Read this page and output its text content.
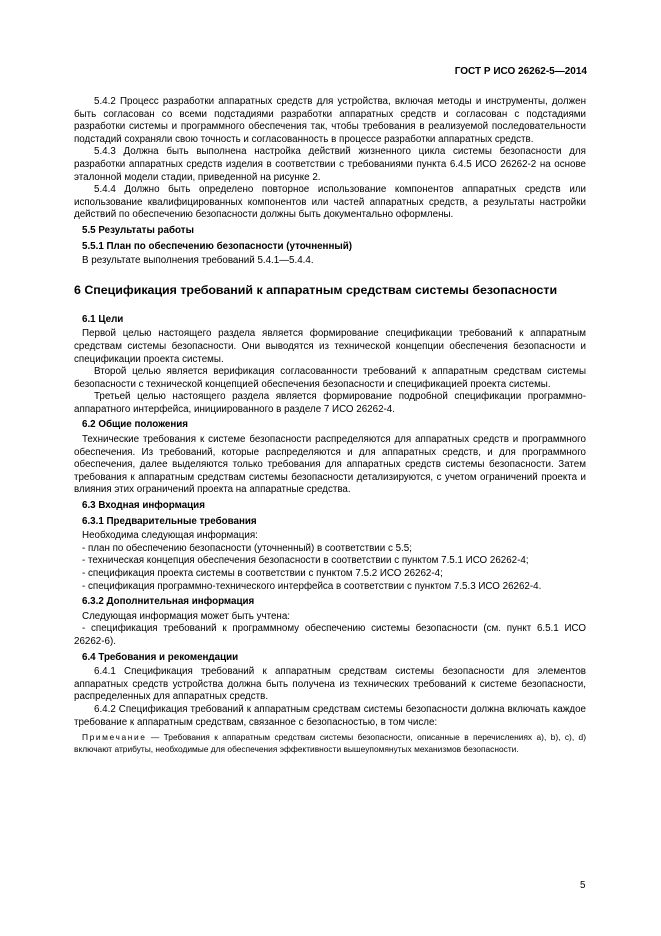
ГОСТ Р ИСО 26262-5—2014

5.4.2 Процесс разработки аппаратных средств для устройства, включая методы и инструменты, должен быть согласован со всеми подстадиями разработки аппаратных средств и согласован с подстадиями разработки системы и программного обеспечения так, чтобы требования в реализуемой последовательности подстадий сохраняли свою точность и согласованность в процессе разработки аппаратных средств.

5.4.3 Должна быть выполнена настройка действий жизненного цикла системы безопасности для разработки аппаратных средств изделия в соответствии с требованиями пункта 6.4.5 ИСО 26262-2 на основе эталонной модели стадии, приведенной на рисунке 2.

5.4.4 Должно быть определено повторное использование компонентов аппаратных средств или использование квалифицированных компонентов или частей аппаратных средств, а результаты настройки действий по обеспечению безопасности должны быть документально оформлены.

5.5 Результаты работы

5.5.1 План по обеспечению безопасности (уточненный)

В результате выполнения требований 5.4.1—5.4.4.

6 Спецификация требований к аппаратным средствам системы безопасности

6.1 Цели

Первой целью настоящего раздела является формирование спецификации требований к аппаратным средствам системы безопасности. Они выводятся из технической концепции обеспечения безопасности и спецификации проекта системы.

Второй целью является верификация согласованности требований к аппаратным средствам системы безопасности с технической концепцией обеспечения безопасности и спецификацией проекта системы.

Третьей целью настоящего раздела является формирование подробной спецификации программно-аппаратного интерфейса, инициированного в разделе 7 ИСО 26262-4.

6.2 Общие положения

Технические требования к системе безопасности распределяются для аппаратных средств и программного обеспечения. Из требований, которые распределяются и для аппаратных средств, и для программного обеспечения, далее выделяются только требования для аппаратных средств системы безопасности. Затем требования к аппаратным средствам системы безопасности детализируются, с учетом ограничений проекта и влияния этих ограничений проекта на аппаратные средства.

6.3 Входная информация

6.3.1 Предварительные требования

Необходима следующая информация:

- план по обеспечению безопасности (уточненный) в соответствии с 5.5;

- техническая концепция обеспечения безопасности в соответствии с пунктом 7.5.1 ИСО 26262-4;

- спецификация проекта системы в соответствии с пунктом 7.5.2 ИСО 26262-4;

- спецификация программно-технического интерфейса в соответствии с пунктом 7.5.3 ИСО 26262-4.

6.3.2 Дополнительная информация

Следующая информация может быть учтена:

- спецификация требований к программному обеспечению системы безопасности (см. пункт 6.5.1 ИСО 26262-6).

6.4 Требования и рекомендации

6.4.1 Спецификация требований к аппаратным средствам системы безопасности для элементов аппаратных средств устройства должна быть получена из технических требований к системе безопасности, распределенных для аппаратных средств.

6.4.2 Спецификация требований к аппаратным средствам системы безопасности должна включать каждое требование к аппаратным средствам, связанное с безопасностью, в том числе:

Примечание — Требования к аппаратным средствам системы безопасности, описанные в перечислениях a), b), c), d) включают атрибуты, необходимые для обеспечения эффективности вышеупомянутых механизмов безопасности.

5
